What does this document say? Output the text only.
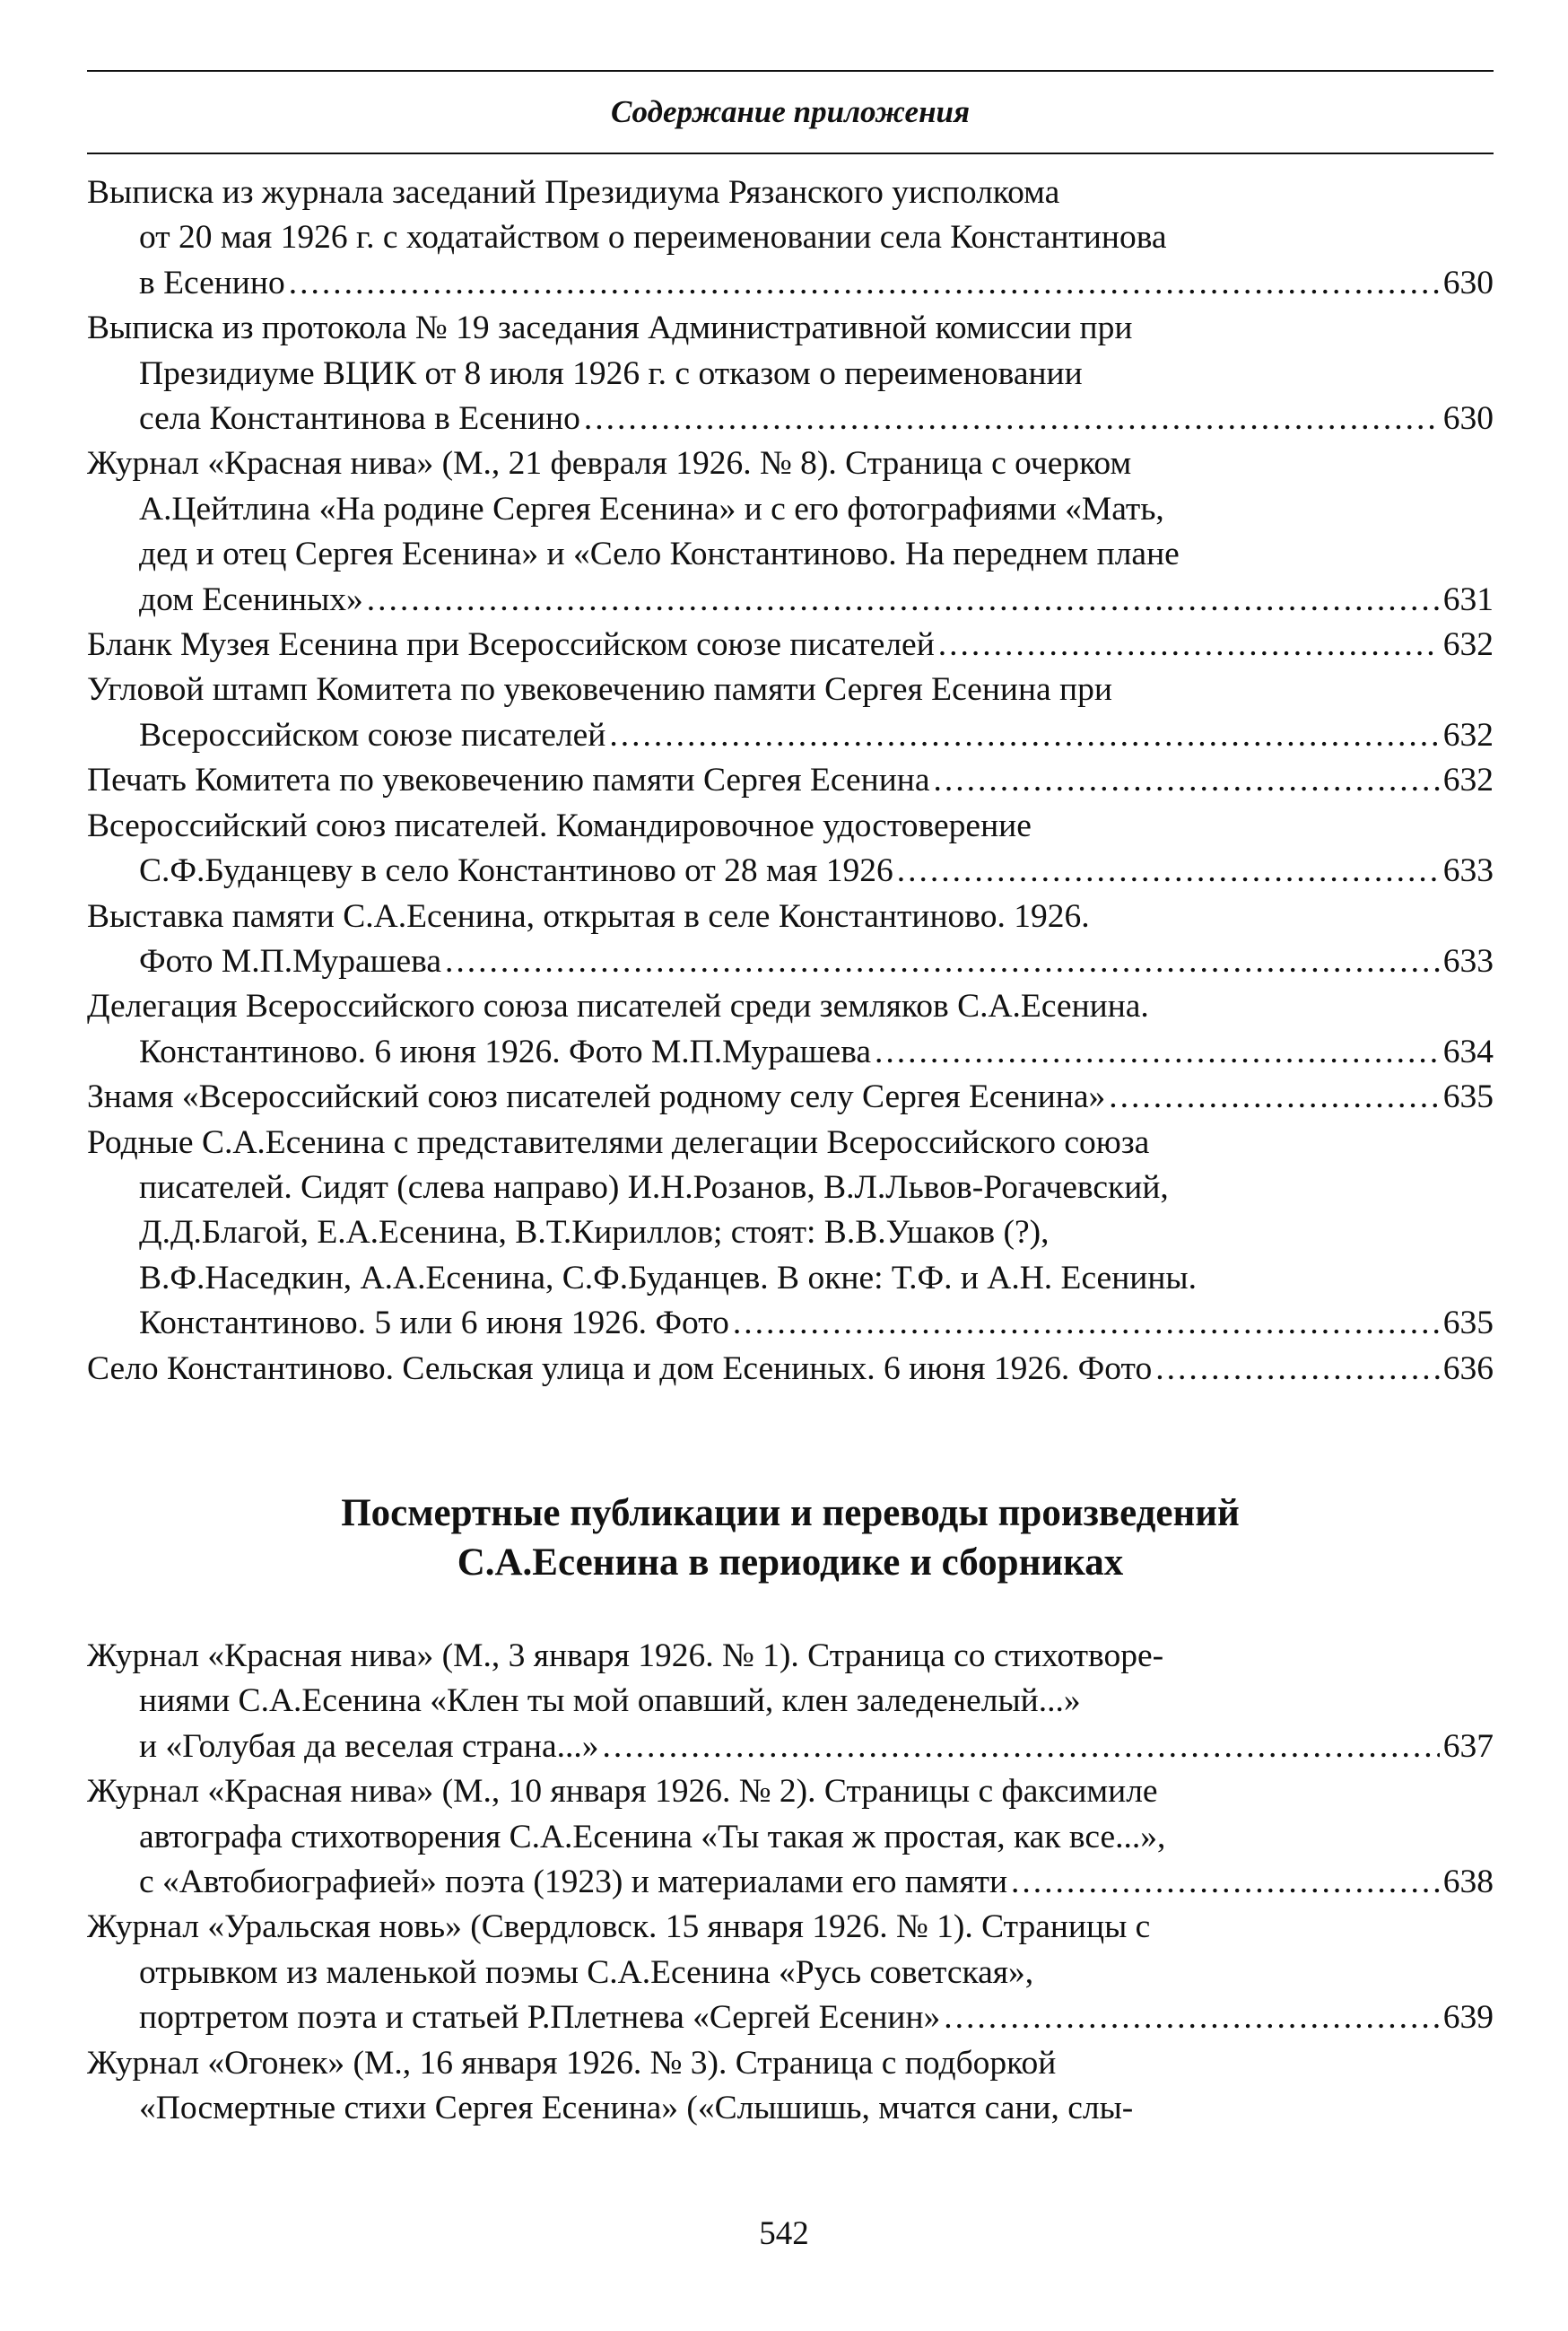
Содержание приложения
Выписка из журнала заседаний Президиума Рязанского уисполкома
от 20 мая 1926 г. с ходатайством о переименовании села Константинова
в Есенино .....	630
Выписка из протокола № 19 заседания Административной комиссии при
Президиуме ВЦИК от 8 июля 1926 г. с отказом о переименовании
села Константинова в Есенино .....	630
Журнал «Красная нива» (М., 21 февраля 1926. № 8). Страница с очерком
А.Цейтлина «На родине Сергея Есенина» и с его фотографиями «Мать,
дед и отец Сергея Есенина» и «Село Константиново. На переднем плане
дом Есениных» .....	631
Бланк Музея Есенина при Всероссийском союзе писателей .....	632
Угловой штамп Комитета по увековечению памяти Сергея Есенина при
Всероссийском союзе писателей .....	632
Печать Комитета по увековечению памяти Сергея Есенина .....	632
Всероссийский союз писателей. Командировочное удостоверение
С.Ф.Буданцеву в село Константиново от 28 мая 1926 .....	633
Выставка памяти С.А.Есенина, открытая в селе Константиново. 1926.
Фото М.П.Мурашева .....	633
Делегация Всероссийского союза писателей среди земляков С.А.Есенина.
Константиново. 6 июня 1926. Фото М.П.Мурашева .....	634
Знамя «Всероссийский союз писателей родному селу Сергея Есенина» .....	635
Родные С.А.Есенина с представителями делегации Всероссийского союза
писателей. Сидят (слева направо) И.Н.Розанов, В.Л.Львов-Рогачевский,
Д.Д.Благой, Е.А.Есенина, В.Т.Кириллов; стоят: В.В.Ушаков (?),
В.Ф.Наседкин, А.А.Есенина, С.Ф.Буданцев. В окне: Т.Ф. и А.Н. Есенины.
Константиново. 5 или 6 июня 1926. Фото .....	635
Село Константиново. Сельская улица и дом Есениных. 6 июня 1926. Фото .....	636
Посмертные публикации и переводы произведений
С.А.Есенина в периодике и сборниках
Журнал «Красная нива» (М., 3 января 1926. № 1). Страница со стихотворе-
ниями С.А.Есенина «Клен ты мой опавший, клен заледенелый...»
и «Голубая да веселая страна...» .....	637
Журнал «Красная нива» (М., 10 января 1926. № 2). Страницы с факсимиле
автографа стихотворения С.А.Есенина «Ты такая ж простая, как все...»,
с «Автобиографией» поэта (1923) и материалами его памяти .....	638
Журнал «Уральская новь» (Свердловск. 15 января 1926. № 1). Страницы с
отрывком из маленькой поэмы С.А.Есенина «Русь советская»,
портретом поэта и статьей Р.Плетнева «Сергей Есенин» .....	639
Журнал «Огонек» (М., 16 января 1926. № 3). Страница с подборкой
«Посмертные стихи Сергея Есенина» («Слышишь, мчатся сани, слы-
542
